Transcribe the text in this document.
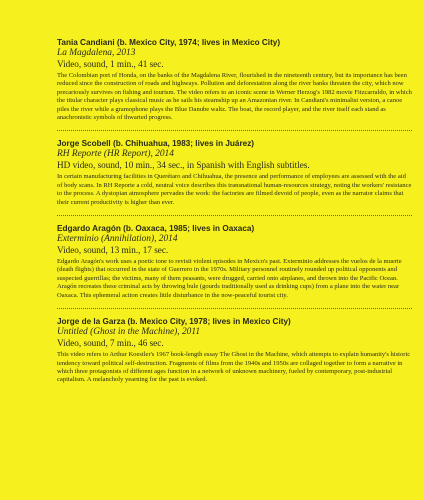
Tania Candiani (b. Mexico City, 1974; lives in Mexico City)
La Magdalena, 2013
Video, sound, 1 min., 41 sec.
The Colombian port of Honda, on the banks of the Magdalena River, flourished in the nineteenth century, but its importance has been reduced since the construction of roads and highways. Pollution and deforestation along the river banks threaten the city, which now precariously survives on fishing and tourism. The video refers to an iconic scene in Werner Herzog's 1982 movie Fitzcarraldo, in which the titular character plays classical music as he sails his steamship up an Amazonian river. In Candiani's minimalist version, a canoe piles the river while a gramophone plays the Blue Danube waltz. The boat, the record player, and the river itself each stand as anachronistic symbols of thwarted progress.
Jorge Scobell (b. Chihuahua, 1983; lives in Juárez)
RH Reporte (HR Report), 2014
HD video, sound, 10 min., 34 sec., in Spanish with English subtitles.
In certain manufacturing facilities in Querétaro and Chihuahua, the presence and performance of employees are assessed with the aid of body scans. In RH Reporte a cold, neutral voice describes this transnational human-resources strategy, noting the workers' resistance to the process. A dystopian atmosphere pervades the work: the factories are filmed devoid of people, even as the narrator claims that their current productivity is higher than ever.
Edgardo Aragón (b. Oaxaca, 1985; lives in Oaxaca)
Exterminio (Annihilation), 2014
Video, sound, 13 min., 17 sec.
Edgardo Aragón's work uses a poetic tone to revisit violent episodes in Mexico's past. Exterminio addresses the vuelos de la muerte (death flights) that occurred in the state of Guerrero in the 1970s. Military personnel routinely rounded up political opponents and suspected guerrillas; the victims, many of them peasants, were drugged, carried onto airplanes, and thrown into the Pacific Ocean. Aragón recreates these criminal acts by throwing bule (gourds traditionally used as drinking cups) from a plane into the water near Oaxaca. This ephemeral action creates little disturbance in the now-peaceful tourist city.
Jorge de la Garza (b. Mexico City, 1978; lives in Mexico City)
Untitled (Ghost in the Machine), 2011
Video, sound, 7 min., 46 sec.
This video refers to Arthur Koestler's 1967 book-length essay The Ghost in the Machine, which attempts to explain humanity's historic tendency toward political self-destruction. Fragments of films from the 1940s and 1950s are collaged together to form a narrative in which three protagonists of different ages function in a network of unknown machinery, fueled by contemporary, post-industrial capitalism. A melancholy yearning for the past is evoked.
